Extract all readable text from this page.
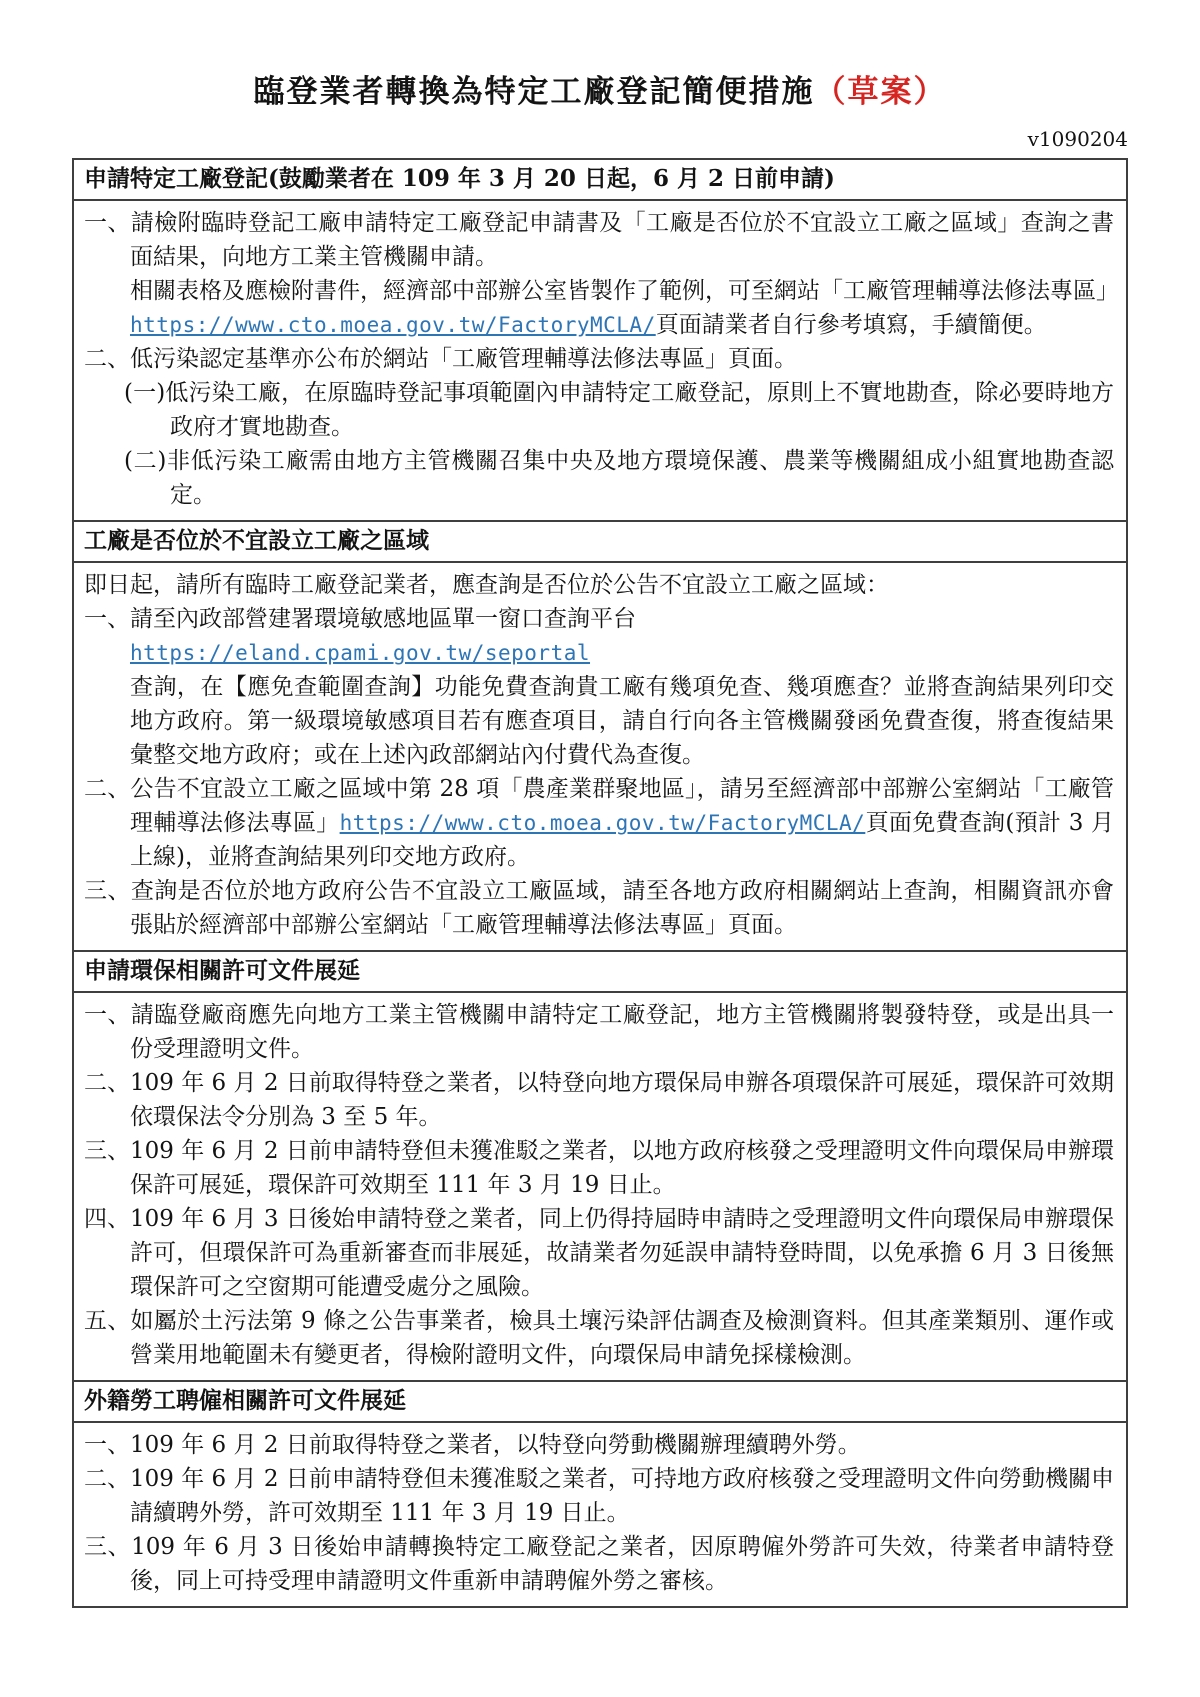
臨登業者轉換為特定工廠登記簡便措施（草案）
v1090204
申請特定工廠登記(鼓勵業者在 109 年 3 月 20 日起，6 月 2 日前申請)

一、請檢附臨時登記工廠申請特定工廠登記申請書及「工廠是否位於不宜設立工廠之區域」查詢之書面結果，向地方工業主管機關申請。

相關表格及應檢附書件，經濟部中部辦公室皆製作了範例，可至網站「工廠管理輔導法修法專區」https://www.cto.moea.gov.tw/FactoryMCLA/頁面請業者自行參考填寫，手續簡便。

二、低污染認定基準亦公布於網站「工廠管理輔導法修法專區」頁面。

(一)低污染工廠，在原臨時登記事項範圍內申請特定工廠登記，原則上不實地勘查，除必要時地方政府才實地勘查。

(二)非低污染工廠需由地方主管機關召集中央及地方環境保護、農業等機關組成小組實地勘查認定。

工廠是否位於不宜設立工廠之區域

即日起，請所有臨時工廠登記業者，應查詢是否位於公告不宜設立工廠之區域：

一、請至內政部營建署環境敏感地區單一窗口查詢平台

https://eland.cpami.gov.tw/seportal

查詢，在【應免查範圍查詢】功能免費查詢貴工廠有幾項免查、幾項應查？並將查詢結果列印交地方政府。第一級環境敏感項目若有應查項目，請自行向各主管機關發函免費查復，將查復結果彙整交地方政府；或在上述內政部網站內付費代為查復。

二、公告不宜設立工廠之區域中第 28 項「農產業群聚地區」，請另至經濟部中部辦公室網站「工廠管理輔導法修法專區」https://www.cto.moea.gov.tw/FactoryMCLA/頁面免費查詢(預計 3 月上線)，並將查詢結果列印交地方政府。

三、查詢是否位於地方政府公告不宜設立工廠區域，請至各地方政府相關網站上查詢，相關資訊亦會張貼於經濟部中部辦公室網站「工廠管理輔導法修法專區」頁面。

申請環保相關許可文件展延

一、請臨登廠商應先向地方工業主管機關申請特定工廠登記，地方主管機關將製發特登，或是出具一份受理證明文件。

二、109 年 6 月 2 日前取得特登之業者，以特登向地方環保局申辦各項環保許可展延，環保許可效期依環保法令分別為 3 至 5 年。

三、109 年 6 月 2 日前申請特登但未獲准駁之業者，以地方政府核發之受理證明文件向環保局申辦環保許可展延，環保許可效期至 111 年 3 月 19 日止。

四、109 年 6 月 3 日後始申請特登之業者，同上仍得持屆時申請時之受理證明文件向環保局申辦環保許可，但環保許可為重新審查而非展延，故請業者勿延誤申請特登時間，以免承擔 6 月 3 日後無環保許可之空窗期可能遭受處分之風險。

五、如屬於土污法第 9 條之公告事業者，檢具土壤污染評估調查及檢測資料。但其產業類別、運作或營業用地範圍未有變更者，得檢附證明文件，向環保局申請免採樣檢測。

外籍勞工聘僱相關許可文件展延

一、109 年 6 月 2 日前取得特登之業者，以特登向勞動機關辦理續聘外勞。

二、109 年 6 月 2 日前申請特登但未獲准駁之業者，可持地方政府核發之受理證明文件向勞動機關申請續聘外勞，許可效期至 111 年 3 月 19 日止。

三、109 年 6 月 3 日後始申請轉換特定工廠登記之業者，因原聘僱外勞許可失效，待業者申請特登後，同上可持受理申請證明文件重新申請聘僱外勞之審核。
